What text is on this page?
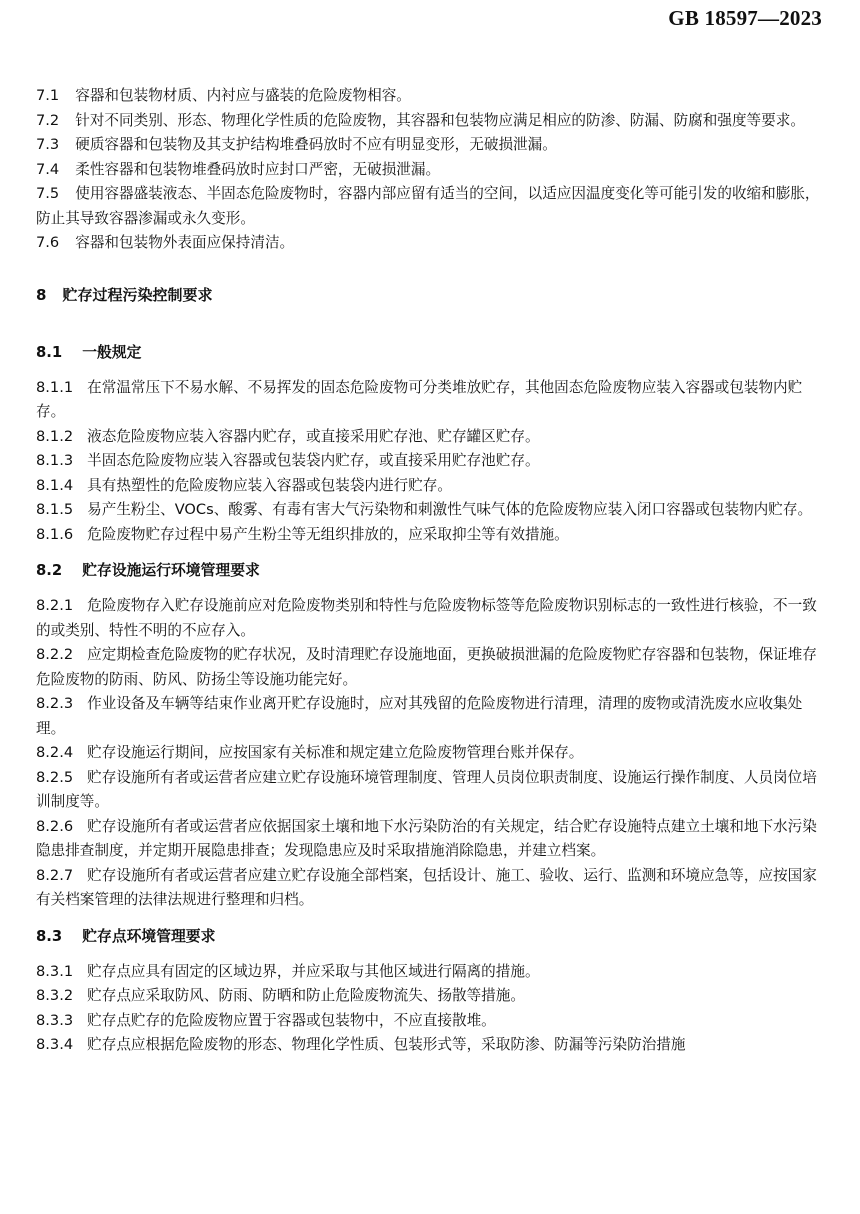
GB 18597—2023

7.1 容器和包装物材质、内衬应与盛装的危险废物相容。

7.2 针对不同类别、形态、物理化学性质的危险废物，其容器和包装物应满足相应的防渗、防漏、防腐和强度等要求。

7.3 硬质容器和包装物及其支护结构堆叠码放时不应有明显变形，无破损泄漏。

7.4 柔性容器和包装物堆叠码放时应封口严密，无破损泄漏。

7.5 使用容器盛装液态、半固态危险废物时，容器内部应留有适当的空间，以适应因温度变化等可能引发的收缩和膨胀，防止其导致容器渗漏或永久变形。

7.6 容器和包装物外表面应保持清洁。

8 贮存过程污染控制要求
8.1 一般规定

8.1.1 在常温常压下不易水解、不易挥发的固态危险废物可分类堆放贮存，其他固态危险废物应装入容器或包装物内贮存。

8.1.2 液态危险废物应装入容器内贮存，或直接采用贮存池、贮存罐区贮存。

8.1.3 半固态危险废物应装入容器或包装袋内贮存，或直接采用贮存池贮存。

8.1.4 具有热塑性的危险废物应装入容器或包装袋内进行贮存。

8.1.5 易产生粉尘、VOCs、酸雾、有毒有害大气污染物和刺激性气味气体的危险废物应装入闭口容器或包装物内贮存。

8.1.6 危险废物贮存过程中易产生粉尘等无组织排放的，应采取抑尘等有效措施。

8.2 贮存设施运行环境管理要求

8.2.1 危险废物存入贮存设施前应对危险废物类别和特性与危险废物标签等危险废物识别标志的一致性进行核验，不一致的或类别、特性不明的不应存入。

8.2.2 应定期检查危险废物的贮存状况，及时清理贮存设施地面，更换破损泄漏的危险废物贮存容器和包装物，保证堆存危险废物的防雨、防风、防扬尘等设施功能完好。

8.2.3 作业设备及车辆等结束作业离开贮存设施时，应对其残留的危险废物进行清理，清理的废物或清洗废水应收集处理。

8.2.4 贮存设施运行期间，应按国家有关标准和规定建立危险废物管理台账并保存。

8.2.5 贮存设施所有者或运营者应建立贮存设施环境管理制度、管理人员岗位职责制度、设施运行操作制度、人员岗位培训制度等。

8.2.6 贮存设施所有者或运营者应依据国家土壤和地下水污染防治的有关规定，结合贮存设施特点建立土壤和地下水污染隐患排查制度，并定期开展隐患排查；发现隐患应及时采取措施消除隐患，并建立档案。

8.2.7 贮存设施所有者或运营者应建立贮存设施全部档案，包括设计、施工、验收、运行、监测和环境应急等，应按国家有关档案管理的法律法规进行整理和归档。

8.3 贮存点环境管理要求

8.3.1 贮存点应具有固定的区域边界，并应采取与其他区域进行隔离的措施。

8.3.2 贮存点应采取防风、防雨、防晒和防止危险废物流失、扬散等措施。

8.3.3 贮存点贮存的危险废物应置于容器或包装物中，不应直接散堆。

8.3.4 贮存点应根据危险废物的形态、物理化学性质、包装形式等，采取防渗、防漏等污染防治措施
